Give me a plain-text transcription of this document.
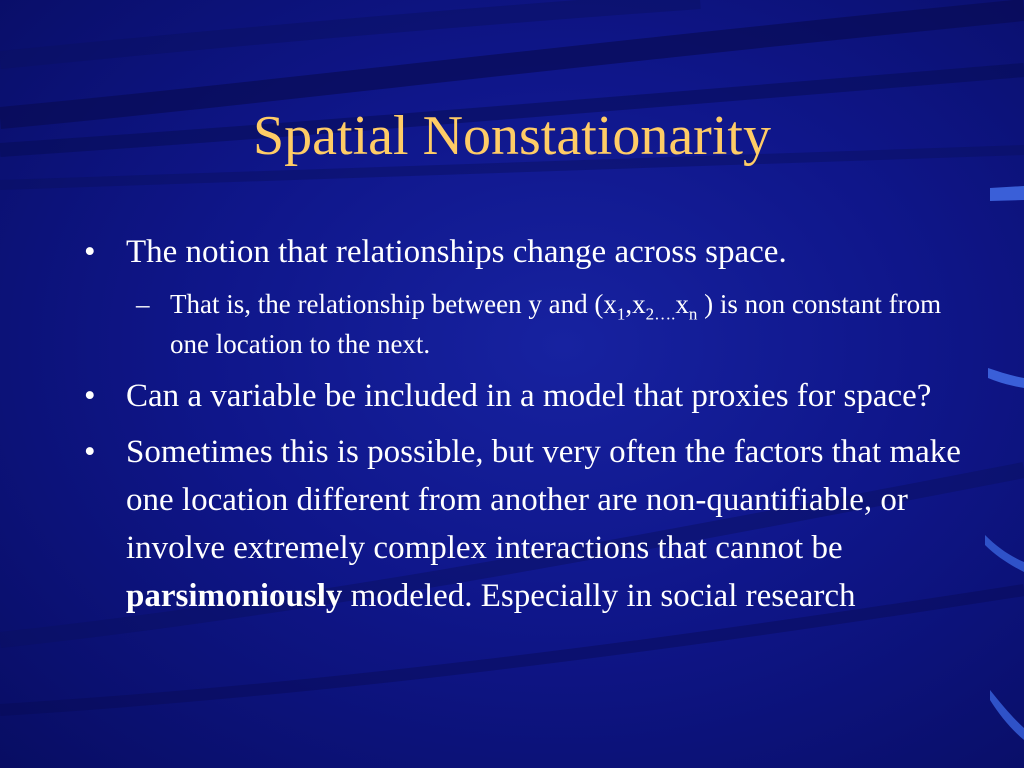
Spatial Nonstationarity
• The notion that relationships change across space.
– That is, the relationship between y and ($x_1,x_{2\dots.}x_n$ ) is non constant from one location to the next.
• Can a variable be included in a model that proxies for space?
• Sometimes this is possible, but very often the factors that make one location different from another are non-quantifiable, or involve extremely complex interactions that cannot be parsimoniously modeled. Especially in social research
